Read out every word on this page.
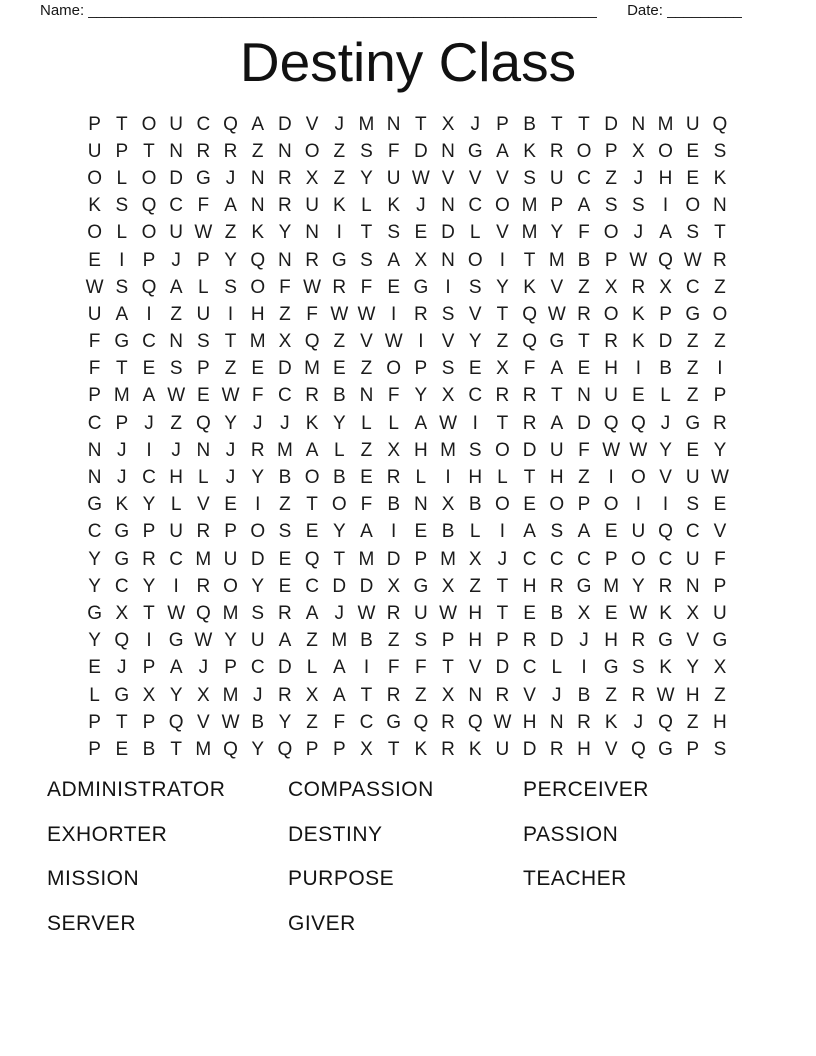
Name: _____________________________________________________________ Date: _________
Destiny Class
P T O U C Q A D V J M N T X J P B T T D N M U Q
U P T N R R Z N O Z S F D N G A K R O P X O E S
O L O D G J N R X Z Y U W V V V S U C Z J H E K
K S Q C F A N R U K L K J N C O M P A S S I O N
O L O U W Z K Y N I T S E D L V M Y F O J A S T
E I P J P Y Q N R G S A X N O I T M B P W Q W R
W S Q A L S O F W R F E G I S Y K V Z X R X C Z
U A I Z U I H Z F W W I R S V T Q W R O K P G O
F G C N S T M X Q Z V W I V Y Z Q G T R K D Z Z
F T E S P Z E D M E Z O P S E X F A E H I B Z I
P M A W E W F C R B N F Y X C R R T N U E L Z P
C P J Z Q Y J J K Y L L A W I T R A D Q Q J G R
N J	I	J N J R M A L Z X H M S O D U F W W Y E Y
N J C H L J Y B O B E R L	I H L T H Z I O V U W
G K Y L V E I Z T O F B N X B O E O P O I	I S E
C G P U R P O S E Y A I E B L	I A S A E U Q C V
Y G R C M U D E Q T M D P M X J C C C P O C U F
Y C Y I R O Y E C D D X G X Z T H R G M Y R N P
G X T W Q M S R A J W R U W H T E B X E W K X U
Y Q I G W Y U A Z M B Z S P H P R D J H R G V G
E J P A J P C D L A I F F T V D C L	I G S K Y X
L G X Y X M J R X A T R Z X N R V J B Z R W H Z
P T P Q V W B Y Z F C G Q R Q W H N R K J Q Z H
P E B T M Q Y Q P P X T K R K U D R H V Q G P S
ADMINISTRATOR
EXHORTER
MISSION
SERVER
COMPASSION
DESTINY
PURPOSE
GIVER
PERCEIVER
PASSION
TEACHER
